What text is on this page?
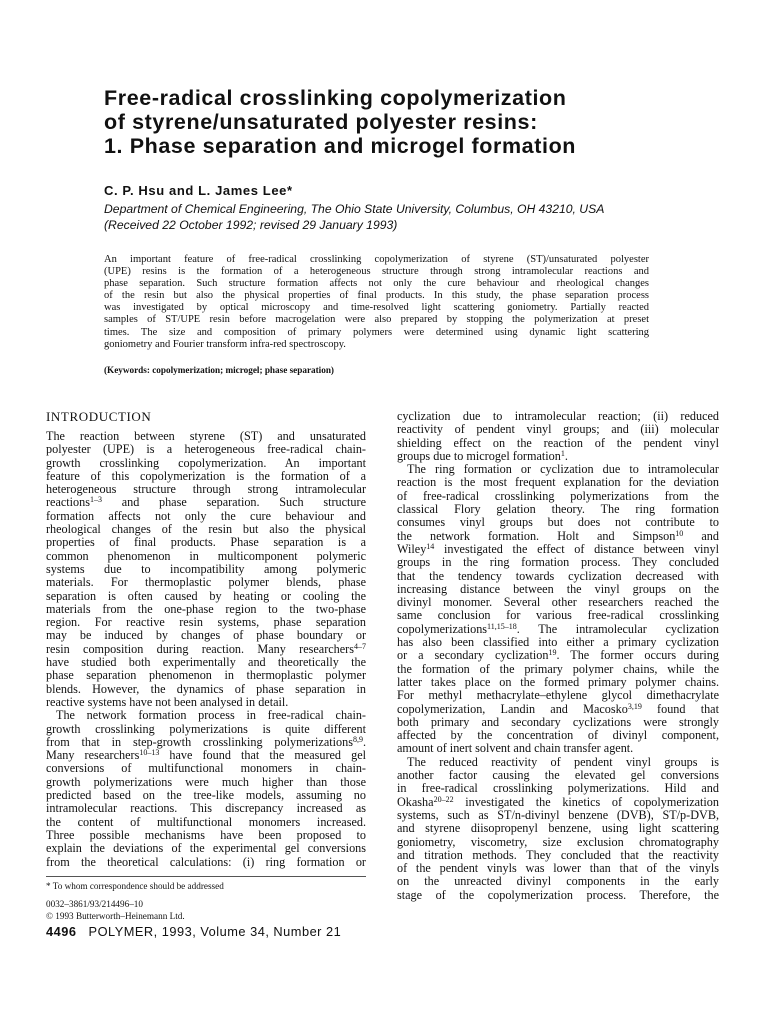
Free-radical crosslinking copolymerization
of styrene/unsaturated polyester resins:
1. Phase separation and microgel formation
C. P. Hsu and L. James Lee*
Department of Chemical Engineering, The Ohio State University, Columbus, OH 43210, USA
(Received 22 October 1992; revised 29 January 1993)
An important feature of free-radical crosslinking copolymerization of styrene (ST)/unsaturated polyester
(UPE) resins is the formation of a heterogeneous structure through strong intramolecular reactions and
phase separation. Such structure formation affects not only the cure behaviour and rheological changes
of the resin but also the physical properties of final products. In this study, the phase separation process
was investigated by optical microscopy and time-resolved light scattering goniometry. Partially reacted
samples of ST/UPE resin before macrogelation were also prepared by stopping the polymerization at preset
times. The size and composition of primary polymers were determined using dynamic light scattering
goniometry and Fourier transform infra-red spectroscopy.
(Keywords: copolymerization; microgel; phase separation)
INTRODUCTION
The reaction between styrene (ST) and unsaturated
polyester (UPE) is a heterogeneous free-radical chain-
growth crosslinking copolymerization. An important
feature of this copolymerization is the formation of a
heterogeneous structure through strong intramolecular
reactions$^{1-3}$ and phase separation. Such structure
formation affects not only the cure behaviour and
rheological changes of the resin but also the physical
properties of final products. Phase separation is a
common phenomenon in multicomponent polymeric
systems due to incompatibility among polymeric
materials. For thermoplastic polymer blends, phase
separation is often caused by heating or cooling the
materials from the one-phase region to the two-phase
region. For reactive resin systems, phase separation
may be induced by changes of phase boundary or
resin composition during reaction. Many researchers$^{4-7}$
have studied both experimentally and theoretically the
phase separation phenomenon in thermoplastic polymer
blends. However, the dynamics of phase separation in
reactive systems have not been analysed in detail.
The network formation process in free-radical chain-
growth crosslinking polymerizations is quite different
from that in step-growth crosslinking polymerizations$^{8,9}$.
Many researchers$^{10-13}$ have found that the measured gel
conversions of multifunctional monomers in chain-
growth polymerizations were much higher than those
predicted based on the tree-like models, assuming no
intramolecular reactions. This discrepancy increased as
the content of multifunctional monomers increased.
Three possible mechanisms have been proposed to
explain the deviations of the experimental gel conversions
from the theoretical calculations: (i) ring formation or
cyclization due to intramolecular reaction; (ii) reduced
reactivity of pendent vinyl groups; and (iii) molecular
shielding effect on the reaction of the pendent vinyl
groups due to microgel formation$^1$.
The ring formation or cyclization due to intramolecular
reaction is the most frequent explanation for the deviation
of free-radical crosslinking polymerizations from the
classical Flory gelation theory. The ring formation
consumes vinyl groups but does not contribute to
the network formation. Holt and Simpson$^{10}$ and
Wiley$^{14}$ investigated the effect of distance between vinyl
groups in the ring formation process. They concluded
that the tendency towards cyclization decreased with
increasing distance between the vinyl groups on the
divinyl monomer. Several other researchers reached the
same conclusion for various free-radical crosslinking
copolymerizations$^{11,15-18}$. The intramolecular cyclization
has also been classified into either a primary cyclization
or a secondary cyclization$^{19}$. The former occurs during
the formation of the primary polymer chains, while the
latter takes place on the formed primary polymer chains.
For methyl methacrylate–ethylene glycol dimethacrylate
copolymerization, Landin and Macosko$^{3,19}$ found that
both primary and secondary cyclizations were strongly
affected by the concentration of divinyl component,
amount of inert solvent and chain transfer agent.
The reduced reactivity of pendent vinyl groups is
another factor causing the elevated gel conversions
in free-radical crosslinking polymerizations. Hild and
Okasha$^{20-22}$ investigated the kinetics of copolymerization
systems, such as ST/n-divinyl benzene (DVB), ST/p-DVB,
and styrene diisopropenyl benzene, using light scattering
goniometry, viscometry, size exclusion chromatography
and titration methods. They concluded that the reactivity
of the pendent vinyls was lower than that of the vinyls
on the unreacted divinyl components in the early
stage of the copolymerization process. Therefore, the
* To whom correspondence should be addressed
0032–3861/93/214496–10
© 1993 Butterworth–Heinemann Ltd.
4496 POLYMER, 1993, Volume 34, Number 21
